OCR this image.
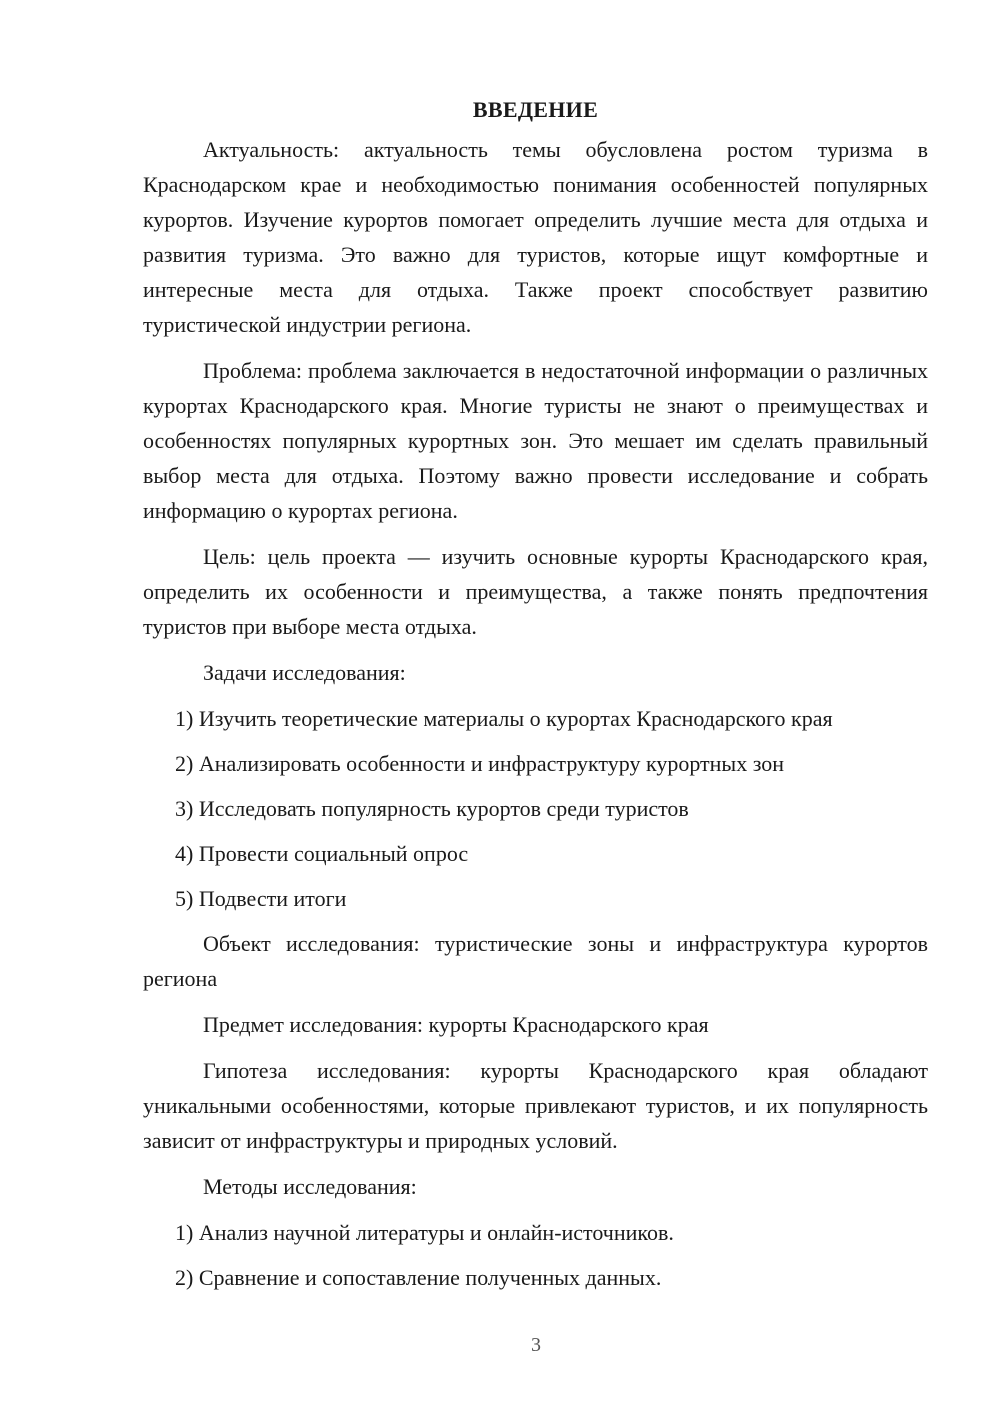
ВВЕДЕНИЕ

Актуальность: актуальность темы обусловлена ростом туризма в Краснодарском крае и необходимостью понимания особенностей популярных курортов. Изучение курортов помогает определить лучшие места для отдыха и развития туризма. Это важно для туристов, которые ищут комфортные и интересные места для отдыха. Также проект способствует развитию туристической индустрии региона.

Проблема: проблема заключается в недостаточной информации о различных курортах Краснодарского края. Многие туристы не знают о преимуществах и особенностях популярных курортных зон. Это мешает им сделать правильный выбор места для отдыха. Поэтому важно провести исследование и собрать информацию о курортах региона.

Цель: цель проекта — изучить основные курорты Краснодарского края, определить их особенности и преимущества, а также понять предпочтения туристов при выборе места отдыха.

Задачи исследования:

1) Изучить теоретические материалы о курортах Краснодарского края
2) Анализировать особенности и инфраструктуру курортных зон
3) Исследовать популярность курортов среди туристов
4) Провести социальный опрос
5) Подвести итоги

Объект исследования: туристические зоны и инфраструктура курортов региона

Предмет исследования: курорты Краснодарского края

Гипотеза исследования: курорты Краснодарского края обладают уникальными особенностями, которые привлекают туристов, и их популярность зависит от инфраструктуры и природных условий.

Методы исследования:

1) Анализ научной литературы и онлайн-источников.
2) Сравнение и сопоставление полученных данных.
3
